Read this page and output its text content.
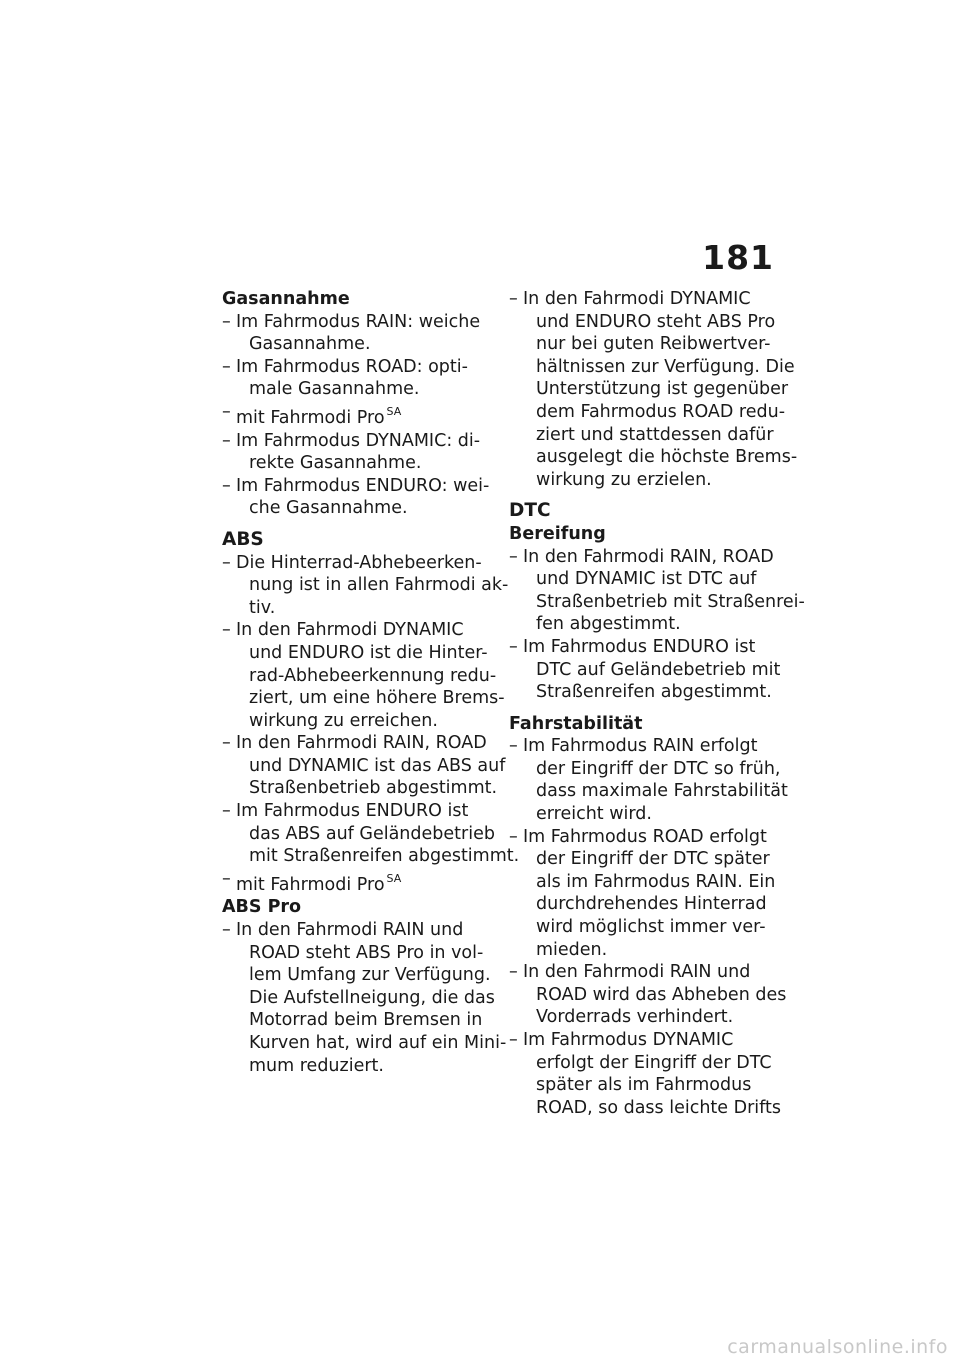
181
Gasannahme
– Im Fahrmodus RAIN: weiche
Gasannahme.
– Im Fahrmodus ROAD: opti-
male Gasannahme.
– mit Fahrmodi Pro $^{SA}$
– Im Fahrmodus DYNAMIC: di-
rekte Gasannahme.
– Im Fahrmodus ENDURO: wei-
che Gasannahme.
ABS
– Die Hinterrad-Abhebeerken-
nung ist in allen Fahrmodi ak-
tiv.
– In den Fahrmodi DYNAMIC
und ENDURO ist die Hinter-
rad-Abhebeerkennung redu-
ziert, um eine höhere Brems-
wirkung zu erreichen.
– In den Fahrmodi RAIN, ROAD
und DYNAMIC ist das ABS auf
Straßenbetrieb abgestimmt.
– Im Fahrmodus ENDURO ist
das ABS auf Geländebetrieb
mit Straßenreifen abgestimmt.
– mit Fahrmodi Pro $^{SA}$
ABS Pro
– In den Fahrmodi RAIN und
ROAD steht ABS Pro in vol-
lem Umfang zur Verfügung.
Die Aufstellneigung, die das
Motorrad beim Bremsen in
Kurven hat, wird auf ein Mini-
mum reduziert.
– In den Fahrmodi DYNAMIC
und ENDURO steht ABS Pro
nur bei guten Reibwertver-
hältnissen zur Verfügung. Die
Unterstützung ist gegenüber
dem Fahrmodus ROAD redu-
ziert und stattdessen dafür
ausgelegt die höchste Brems-
wirkung zu erzielen.
DTC
Bereifung
– In den Fahrmodi RAIN, ROAD
und DYNAMIC ist DTC auf
Straßenbetrieb mit Straßenrei-
fen abgestimmt.
– Im Fahrmodus ENDURO ist
DTC auf Geländebetrieb mit
Straßenreifen abgestimmt.
Fahrstabilität
– Im Fahrmodus RAIN erfolgt
der Eingriff der DTC so früh,
dass maximale Fahrstabilität
erreicht wird.
– Im Fahrmodus ROAD erfolgt
der Eingriff der DTC später
als im Fahrmodus RAIN. Ein
durchdrehendes Hinterrad
wird möglichst immer ver-
mieden.
– In den Fahrmodi RAIN und
ROAD wird das Abheben des
Vorderrads verhindert.
– Im Fahrmodus DYNAMIC
erfolgt der Eingriff der DTC
später als im Fahrmodus
ROAD, so dass leichte Drifts
carmanualsonline.info
